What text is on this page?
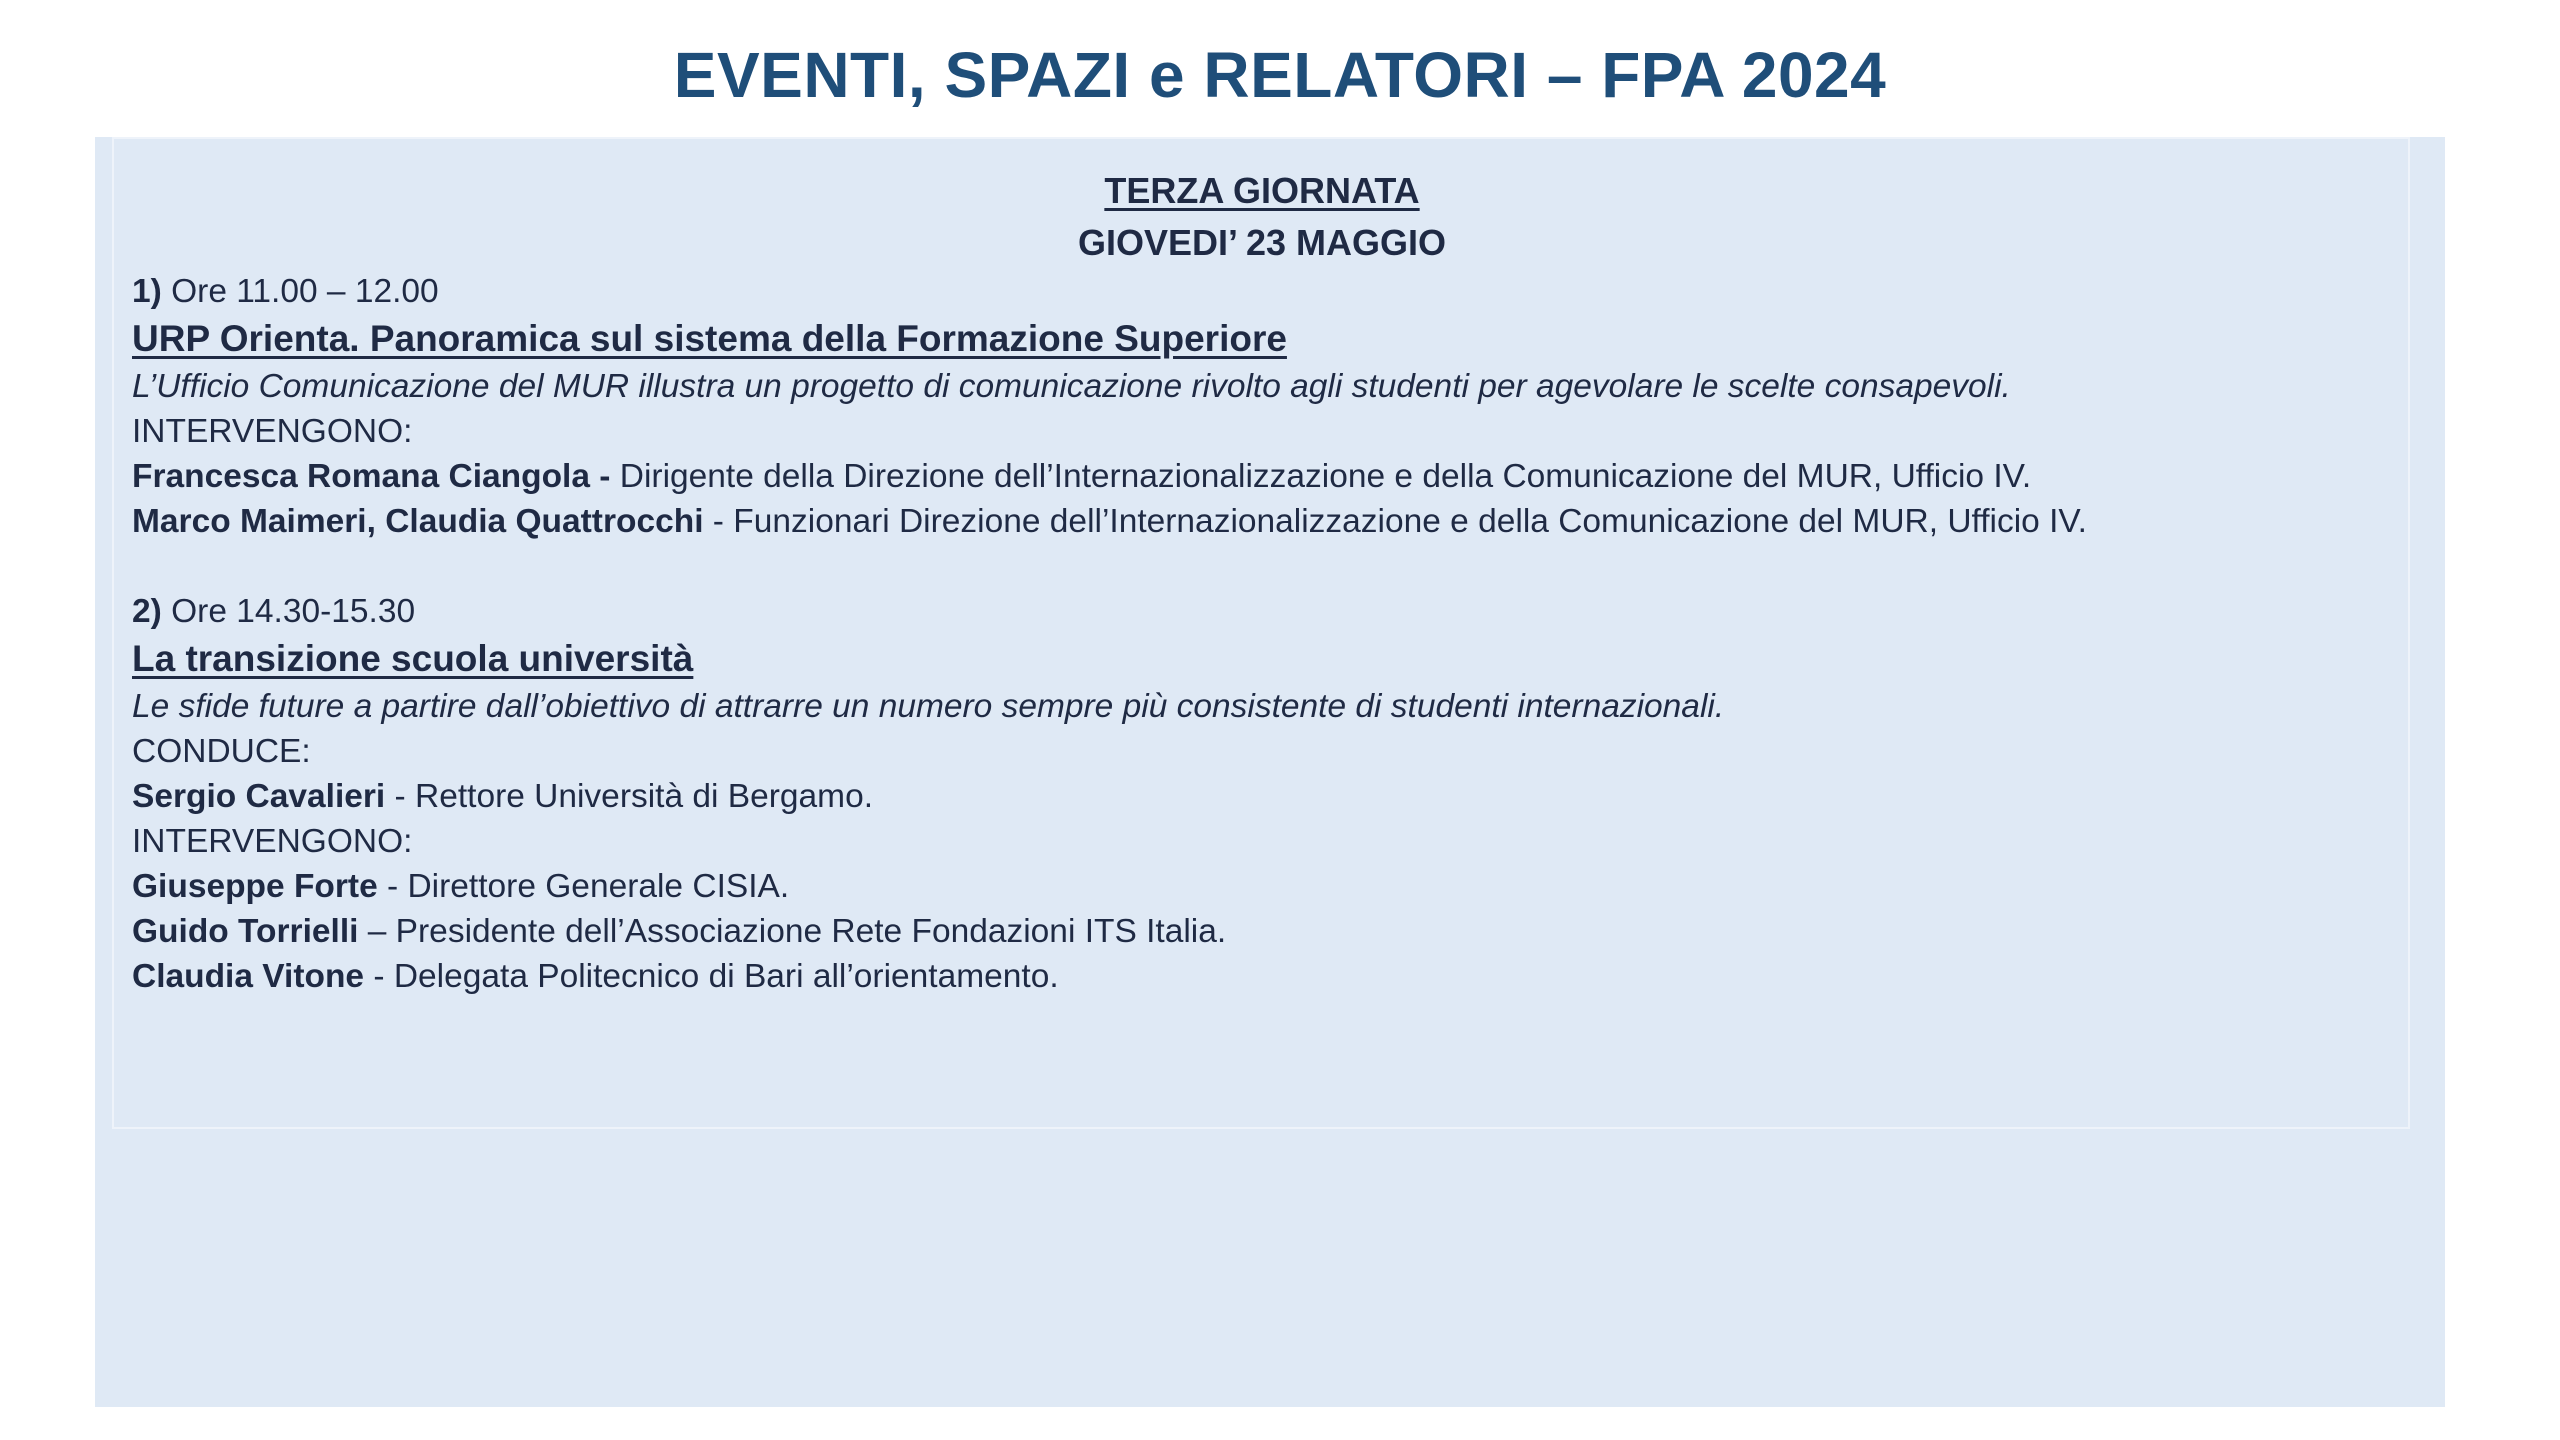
EVENTI, SPAZI e RELATORI – FPA 2024
TERZA GIORNATA
GIOVEDI’ 23 MAGGIO
1) Ore 11.00 – 12.00
URP Orienta. Panoramica sul sistema della Formazione Superiore
L’Ufficio Comunicazione del MUR illustra un progetto di comunicazione rivolto agli studenti per agevolare le scelte consapevoli.
INTERVENGONO:
Francesca Romana Ciangola - Dirigente della Direzione dell’Internazionalizzazione e della Comunicazione del MUR, Ufficio IV.
Marco Maimeri, Claudia Quattrocchi - Funzionari Direzione dell’Internazionalizzazione e della Comunicazione del MUR, Ufficio IV.
2) Ore 14.30-15.30
La transizione scuola università
Le sfide future a partire dall’obiettivo di attrarre un numero sempre più consistente di studenti internazionali.
CONDUCE:
Sergio Cavalieri - Rettore Università di Bergamo.
INTERVENGONO:
Giuseppe Forte - Direttore Generale CISIA.
Guido Torrielli – Presidente dell’Associazione Rete Fondazioni ITS Italia.
Claudia Vitone - Delegata Politecnico di Bari all’orientamento.
